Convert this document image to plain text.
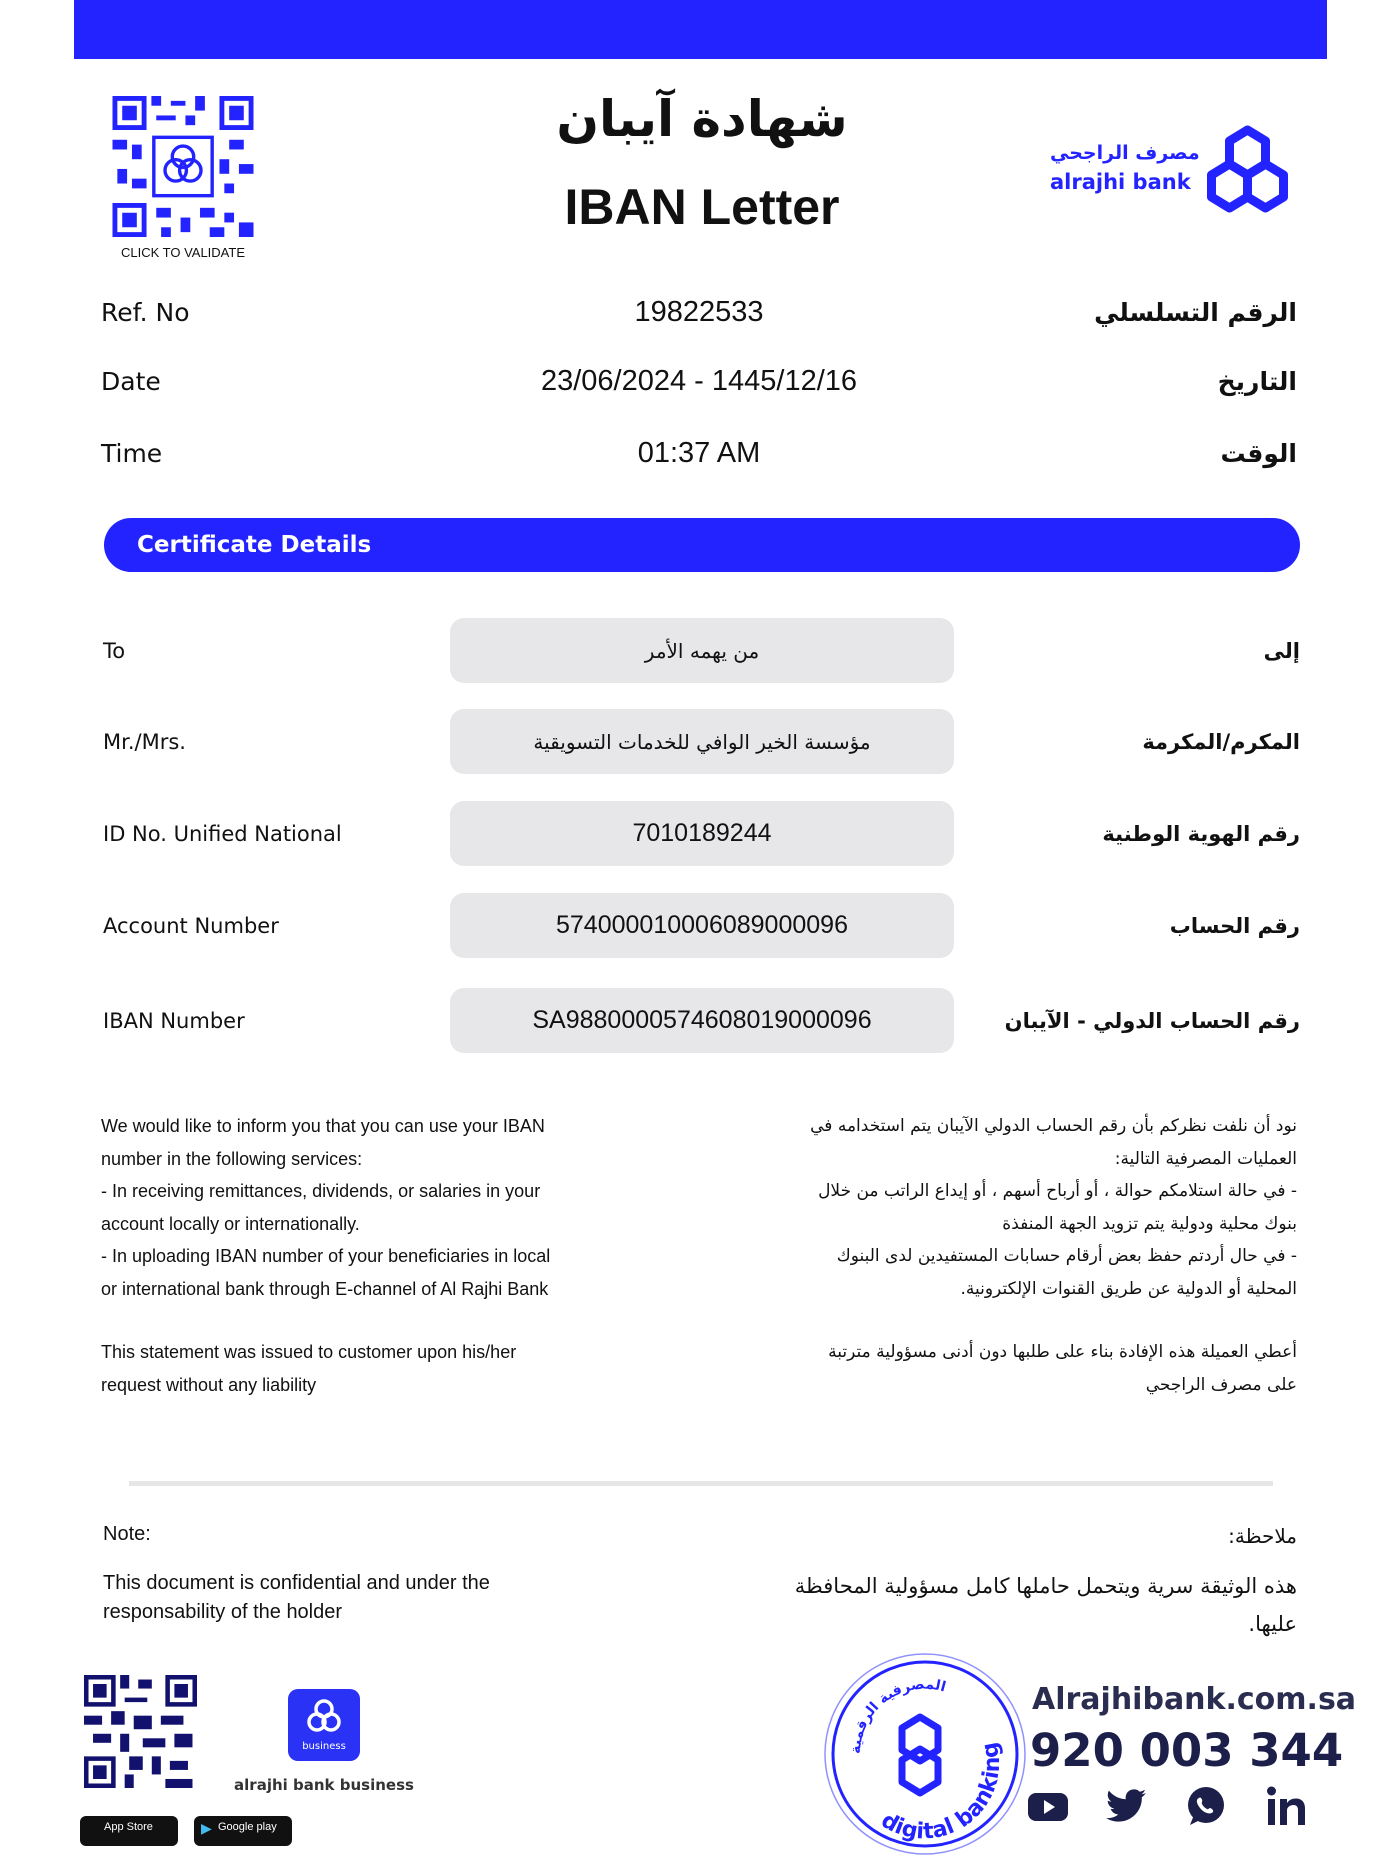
CLICK TO VALIDATE
شهادة آيبان
IBAN Letter
مصرف الراجحي
alrajhi bank
Ref. No	19822533	الرقم التسلسلي
Date	23/06/2024 - 1445/12/16	التاريخ
Time	01:37 AM	الوقت
Certificate Details
To	من يهمه الأمر	إلى
Mr./Mrs.	مؤسسة الخير الوافي للخدمات التسويقية	المكرم/المكرمة
ID No. Unified National	7010189244	رقم الهوية الوطنية
Account Number	574000010006089000096	رقم الحساب
IBAN Number	SA9880000574608019000096	رقم الحساب الدولي - الآيبان
We would like to inform you that you can use your IBAN
number in the following services:
- In receiving remittances, dividends, or salaries in your
account locally or internationally.
- In uploading IBAN number of your beneficiaries in local
or international bank through E-channel of Al Rajhi Bank
نود أن نلفت نظركم بأن رقم الحساب الدولي الآيبان يتم استخدامه في
العمليات المصرفية التالية:
- في حالة استلامكم حوالة ، أو أرباح أسهم ، أو إيداع الراتب من خلال
بنوك محلية ودولية يتم تزويد الجهة المنفذة
- في حال أردتم حفظ بعض أرقام حسابات المستفيدين لدى البنوك
المحلية أو الدولية عن طريق القنوات الإلكترونية.
This statement was issued to customer upon his/her
request without any liability
أعطي العميلة هذه الإفادة بناء على طلبها دون أدنى مسؤولية مترتبة
على مصرف الراجحي
Note:	ملاحظة:
This document is confidential and under the
responsability of the holder
هذه الوثيقة سرية ويتحمل حاملها كامل مسؤولية المحافظة عليها.
business
alrajhi bank business
App Store	▶ Google play
المصرفية الرقمية
digital banking
Alrajhibank.com.sa
920 003 344
